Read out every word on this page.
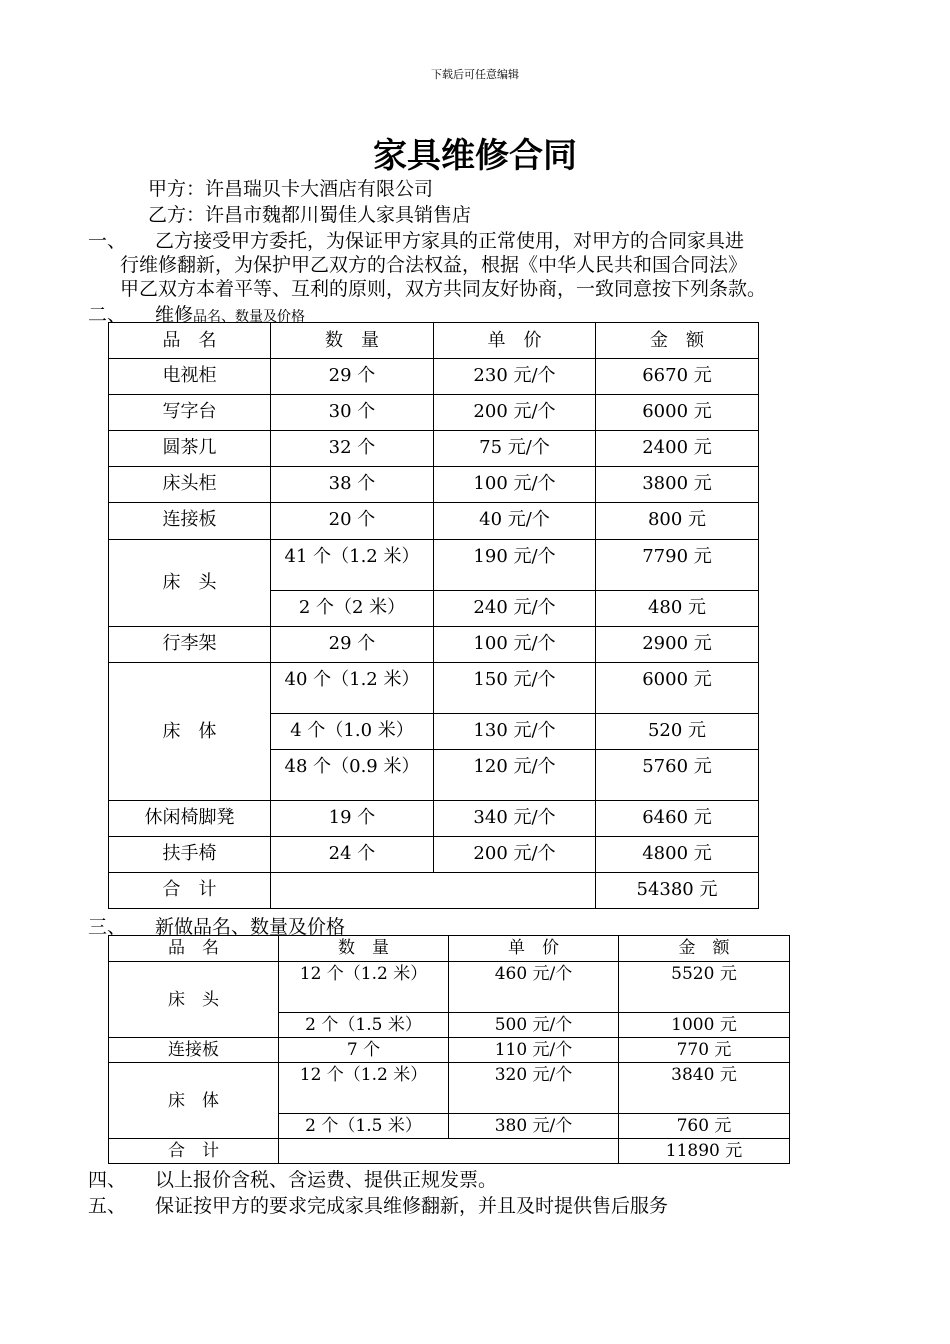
下载后可任意编辑
家具维修合同
甲方：许昌瑞贝卡大酒店有限公司
乙方：许昌市魏都川蜀佳人家具销售店
一、 乙方接受甲方委托，为保证甲方家具的正常使用，对甲方的合同家具进
行维修翻新，为保护甲乙双方的合法权益，根据《中华人民共和国合同法》
甲乙双方本着平等、互利的原则，双方共同友好协商，一致同意按下列条款。
二、 维修品名、数量及价格
品　名	数　量	单　价	金　额
电视柜	29 个	230 元/个	6670 元
写字台	30 个	200 元/个	6000 元
圆茶几	32 个	75 元/个	2400 元
床头柜	38 个	100 元/个	3800 元
连接板	20 个	40 元/个	800 元
床　头	41 个（1.2 米）	190 元/个	7790 元
	2 个（2 米）	240 元/个	480 元
行李架	29 个	100 元/个	2900 元
床　体	40 个（1.2 米）	150 元/个	6000 元
	4 个（1.0 米）	130 元/个	520 元
	48 个（0.9 米）	120 元/个	5760 元
休闲椅脚凳	19 个	340 元/个	6460 元
扶手椅	24 个	200 元/个	4800 元
合　计			54380 元
三、 新做品名、数量及价格
品　名	数　量	单　价	金　额
床　头	12 个（1.2 米）	460 元/个	5520 元
	2 个（1.5 米）	500 元/个	1000 元
连接板	7 个	110 元/个	770 元
床　体	12 个（1.2 米）	320 元/个	3840 元
	2 个（1.5 米）	380 元/个	760 元
合　计			11890 元
四、 以上报价含税、含运费、提供正规发票。
五、 保证按甲方的要求完成家具维修翻新，并且及时提供售后服务
